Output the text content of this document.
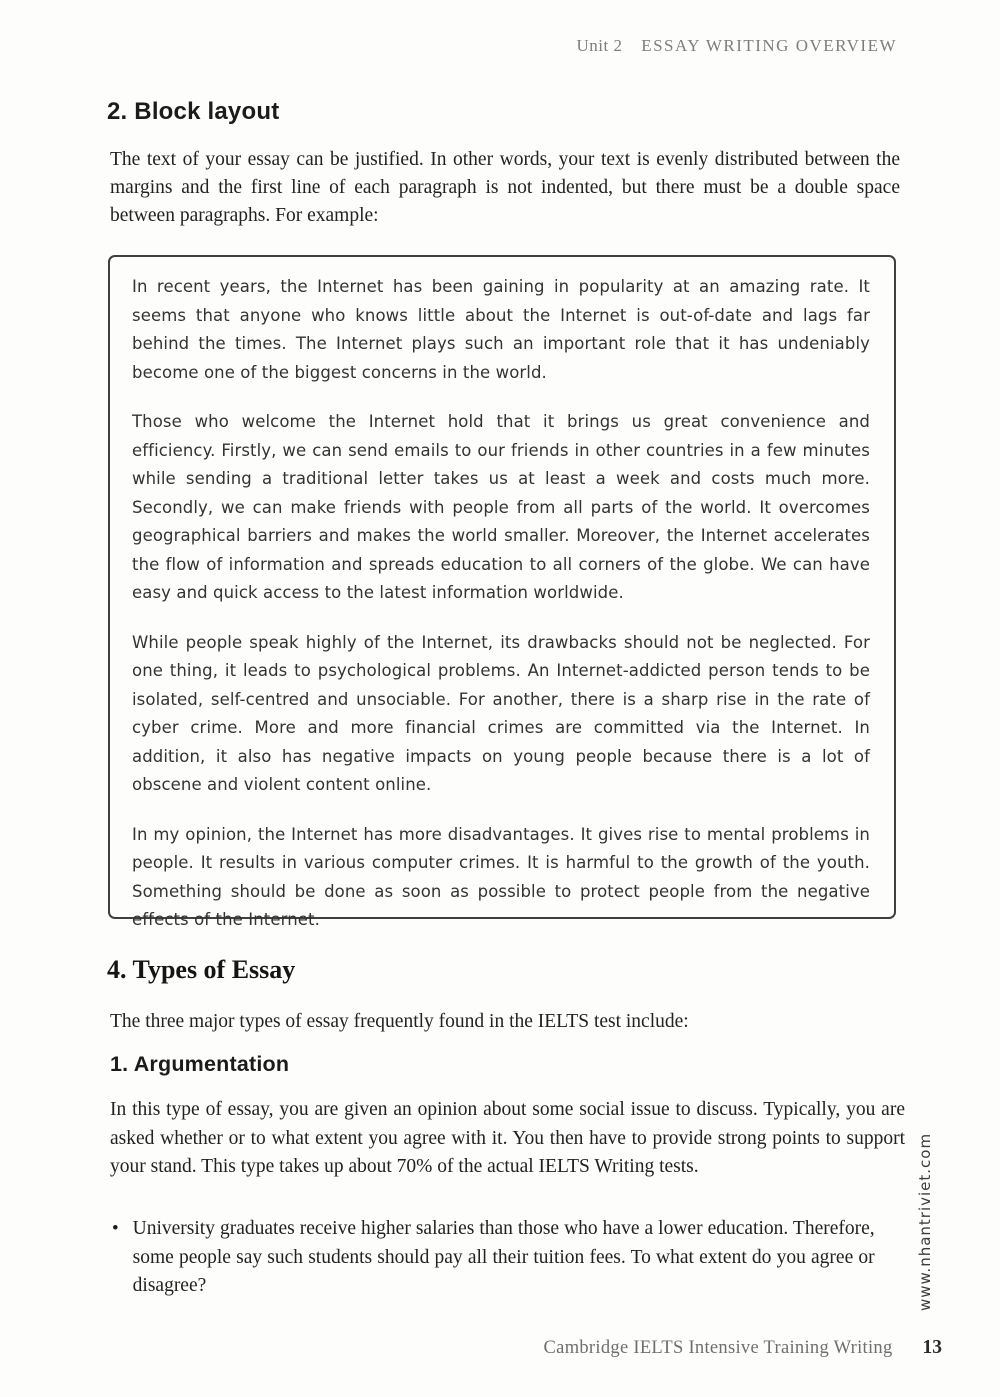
Unit 2 ESSAY WRITING OVERVIEW
2. Block layout

The text of your essay can be justified. In other words, your text is evenly distributed between the margins and the first line of each paragraph is not indented, but there must be a double space between paragraphs. For example:

In recent years, the Internet has been gaining in popularity at an amazing rate. It seems that anyone who knows little about the Internet is out-of-date and lags far behind the times. The Internet plays such an important role that it has undeniably become one of the biggest concerns in the world.

Those who welcome the Internet hold that it brings us great convenience and efficiency. Firstly, we can send emails to our friends in other countries in a few minutes while sending a traditional letter takes us at least a week and costs much more. Secondly, we can make friends with people from all parts of the world. It overcomes geographical barriers and makes the world smaller. Moreover, the Internet accelerates the flow of information and spreads education to all corners of the globe. We can have easy and quick access to the latest information worldwide.

While people speak highly of the Internet, its drawbacks should not be neglected. For one thing, it leads to psychological problems. An Internet-addicted person tends to be isolated, self-centred and unsociable. For another, there is a sharp rise in the rate of cyber crime. More and more financial crimes are committed via the Internet. In addition, it also has negative impacts on young people because there is a lot of obscene and violent content online.

In my opinion, the Internet has more disadvantages. It gives rise to mental problems in people. It results in various computer crimes. It is harmful to the growth of the youth. Something should be done as soon as possible to protect people from the negative effects of the Internet.

4. Types of Essay

The three major types of essay frequently found in the IELTS test include:

1. Argumentation

In this type of essay, you are given an opinion about some social issue to discuss. Typically, you are asked whether or to what extent you agree with it. You then have to provide strong points to support your stand. This type takes up about 70% of the actual IELTS Writing tests.

• University graduates receive higher salaries than those who have a lower education. Therefore, some people say such students should pay all their tuition fees. To what extent do you agree or disagree?
Cambridge IELTS Intensive Training Writing 13
www.nhantriviet.com
